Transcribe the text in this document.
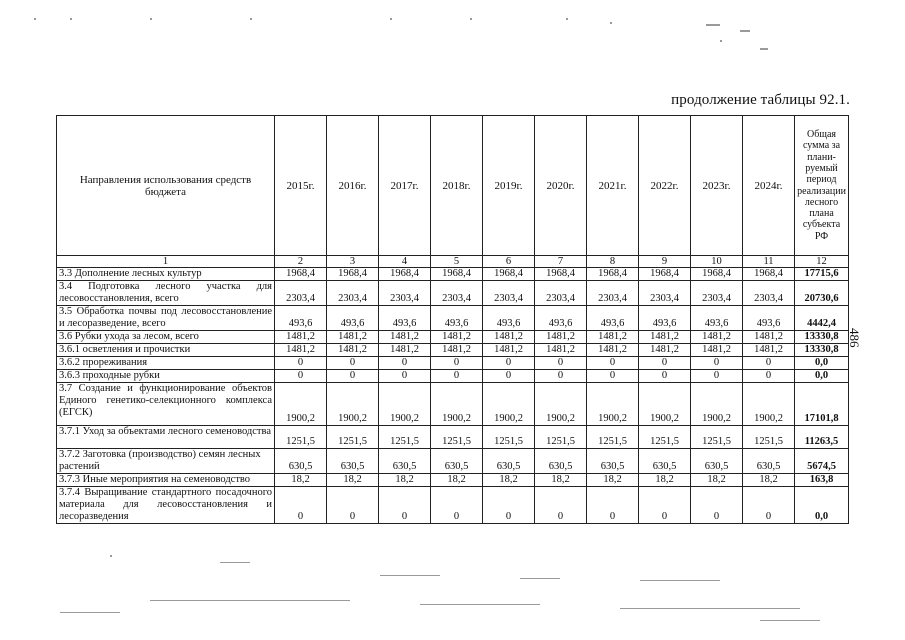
продолжение таблицы 92.1.
486
Направления использования средств бюджета	2015г.	2016г.	2017г.	2018г.	2019г.	2020г.	2021г.	2022г.	2023г.	2024г.	Общая сумма за плани-руемый период реализации лесного плана субъекта РФ
1	2	3	4	5	6	7	8	9	10	11	12
3.3 Дополнение лесных культур	1968,4	1968,4	1968,4	1968,4	1968,4	1968,4	1968,4	1968,4	1968,4	1968,4	17715,6
3.4 Подготовка лесного участка для лесовосстановления, всего	2303,4	2303,4	2303,4	2303,4	2303,4	2303,4	2303,4	2303,4	2303,4	2303,4	20730,6
3.5 Обработка почвы под лесовосстановление и лесоразведение, всего	493,6	493,6	493,6	493,6	493,6	493,6	493,6	493,6	493,6	493,6	4442,4
3.6 Рубки ухода за лесом, всего	1481,2	1481,2	1481,2	1481,2	1481,2	1481,2	1481,2	1481,2	1481,2	1481,2	13330,8
3.6.1 осветления и прочистки	1481,2	1481,2	1481,2	1481,2	1481,2	1481,2	1481,2	1481,2	1481,2	1481,2	13330,8
3.6.2 прореживания	0	0	0	0	0	0	0	0	0	0	0,0
3.6.3 проходные рубки	0	0	0	0	0	0	0	0	0	0	0,0
3.7 Создание и функционирование объектов Единого генетико-селекционного комплекса (ЕГСК)	1900,2	1900,2	1900,2	1900,2	1900,2	1900,2	1900,2	1900,2	1900,2	1900,2	17101,8
3.7.1 Уход за объектами лесного семеноводства	1251,5	1251,5	1251,5	1251,5	1251,5	1251,5	1251,5	1251,5	1251,5	1251,5	11263,5
3.7.2 Заготовка (производство) семян лесных растений	630,5	630,5	630,5	630,5	630,5	630,5	630,5	630,5	630,5	630,5	5674,5
3.7.3 Иные мероприятия на семеноводство	18,2	18,2	18,2	18,2	18,2	18,2	18,2	18,2	18,2	18,2	163,8
3.7.4 Выращивание стандартного посадочного материала для лесовосстановления и лесоразведения	0	0	0	0	0	0	0	0	0	0	0,0
